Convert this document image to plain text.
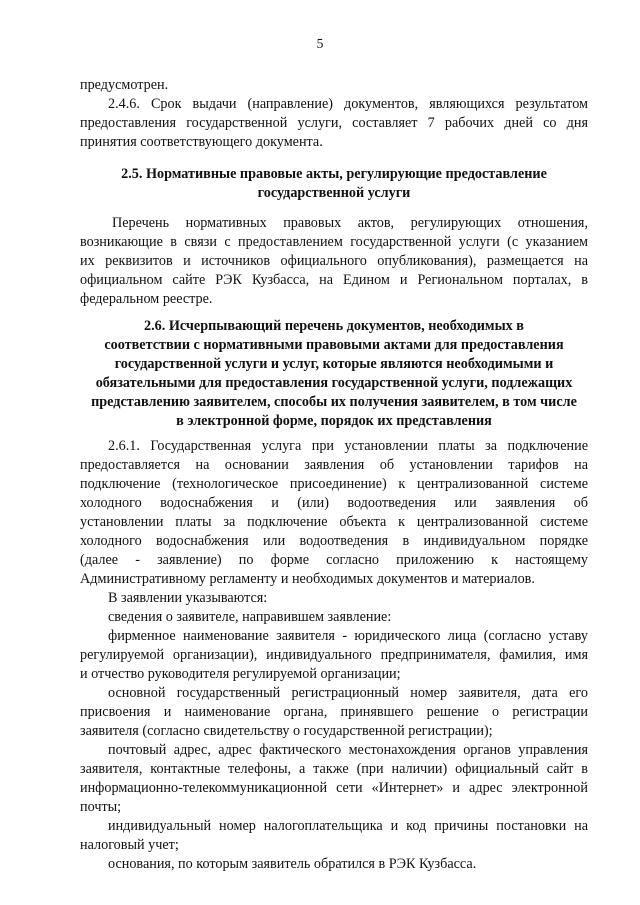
5
предусмотрен.
2.4.6. Срок выдачи (направление) документов, являющихся результатом
предоставления государственной услуги, составляет 7 рабочих дней со дня
принятия соответствующего документа.
2.5. Нормативные правовые акты, регулирующие предоставление
государственной услуги
Перечень нормативных правовых актов, регулирующих отношения,
возникающие в связи с предоставлением государственной услуги (с указанием
их реквизитов и источников официального опубликования), размещается на
официальном сайте РЭК Кузбасса, на Едином и Региональном порталах, в
федеральном реестре.
2.6. Исчерпывающий перечень документов, необходимых в
соответствии с нормативными правовыми актами для предоставления
государственной услуги и услуг, которые являются необходимыми и
обязательными для предоставления государственной услуги, подлежащих
представлению заявителем, способы их получения заявителем, в том числе
в электронной форме, порядок их представления
2.6.1. Государственная услуга при установлении платы за подключение
предоставляется на основании заявления об установлении тарифов на
подключение (технологическое присоединение) к централизованной системе
холодного водоснабжения и (или) водоотведения или заявления об
установлении платы за подключение объекта к централизованной системе
холодного водоснабжения или водоотведения в индивидуальном порядке
(далее - заявление) по форме согласно приложению к настоящему
Административному регламенту и необходимых документов и материалов.
В заявлении указываются:
сведения о заявителе, направившем заявление:
фирменное наименование заявителя - юридического лица (согласно уставу
регулируемой организации), индивидуального предпринимателя, фамилия, имя
и отчество руководителя регулируемой организации;
основной государственный регистрационный номер заявителя, дата его
присвоения и наименование органа, принявшего решение о регистрации
заявителя (согласно свидетельству о государственной регистрации);
почтовый адрес, адрес фактического местонахождения органов управления
заявителя, контактные телефоны, а также (при наличии) официальный сайт в
информационно-телекоммуникационной сети «Интернет» и адрес электронной
почты;
индивидуальный номер налогоплательщика и код причины постановки на
налоговый учет;
основания, по которым заявитель обратился в РЭК Кузбасса.
